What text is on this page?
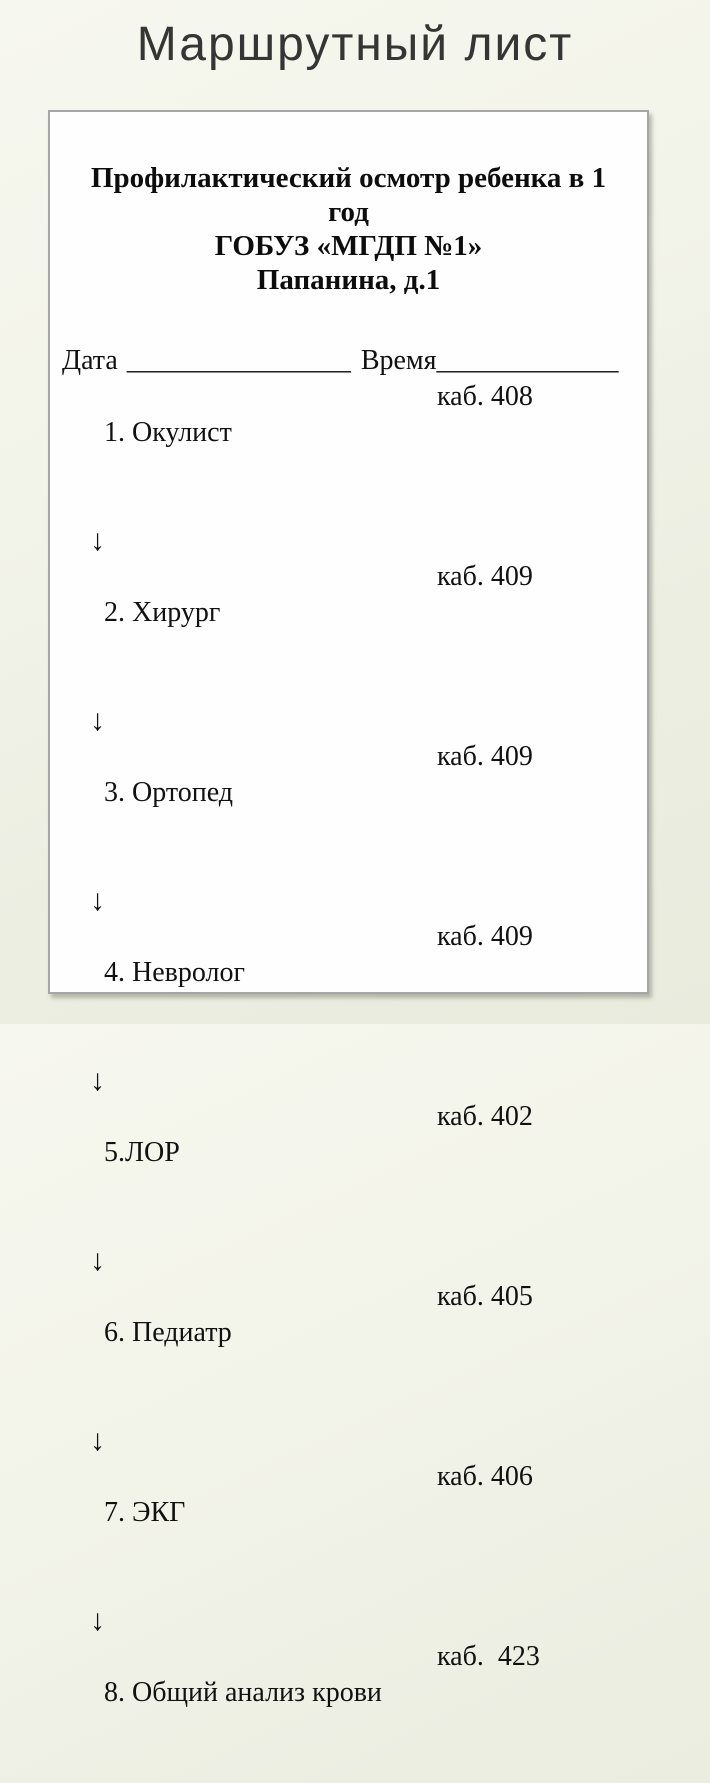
Маршрутный лист
Профилактический осмотр ребенка в 1
год
ГОБУЗ «МГДП №1»
Папанина, д.1
Дата ________________ Время_____________

1. Окулист

каб. 408

↓

2. Хирург

каб. 409

↓

3. Ортопед

каб. 409

↓

4. Невролог

каб. 409

↓

5.ЛОР

каб. 402

↓

6. Педиатр

каб. 405

↓

7. ЭКГ

каб. 406

↓

8. Общий анализ крови

каб.  423
